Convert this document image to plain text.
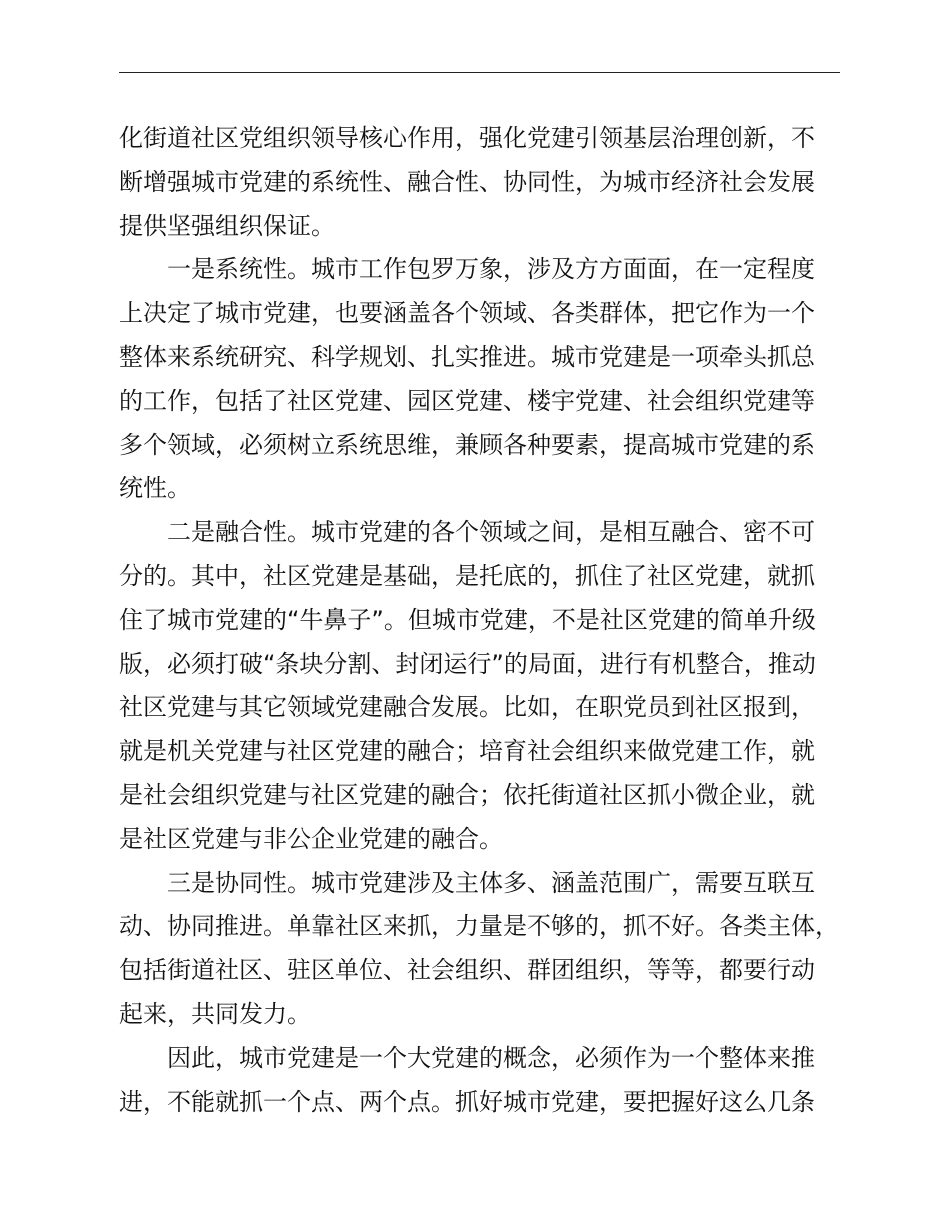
化街道社区党组织领导核心作用，强化党建引领基层治理创新，不
断增强城市党建的系统性、融合性、协同性，为城市经济社会发展
提供坚强组织保证。
　　一是系统性。城市工作包罗万象，涉及方方面面，在一定程度
上决定了城市党建，也要涵盖各个领域、各类群体，把它作为一个
整体来系统研究、科学规划、扎实推进。城市党建是一项牵头抓总
的工作，包括了社区党建、园区党建、楼宇党建、社会组织党建等
多个领域，必须树立系统思维，兼顾各种要素，提高城市党建的系
统性。
　　二是融合性。城市党建的各个领域之间，是相互融合、密不可
分的。其中，社区党建是基础，是托底的，抓住了社区党建，就抓
住了城市党建的“牛鼻子”。但城市党建，不是社区党建的简单升级
版，必须打破“条块分割、封闭运行”的局面，进行有机整合，推动
社区党建与其它领域党建融合发展。比如，在职党员到社区报到，
就是机关党建与社区党建的融合；培育社会组织来做党建工作，就
是社会组织党建与社区党建的融合；依托街道社区抓小微企业，就
是社区党建与非公企业党建的融合。
　　三是协同性。城市党建涉及主体多、涵盖范围广，需要互联互
动、协同推进。单靠社区来抓，力量是不够的，抓不好。各类主体，
包括街道社区、驻区单位、社会组织、群团组织，等等，都要行动
起来，共同发力。
　　因此，城市党建是一个大党建的概念，必须作为一个整体来推
进，不能就抓一个点、两个点。抓好城市党建，要把握好这么几条
